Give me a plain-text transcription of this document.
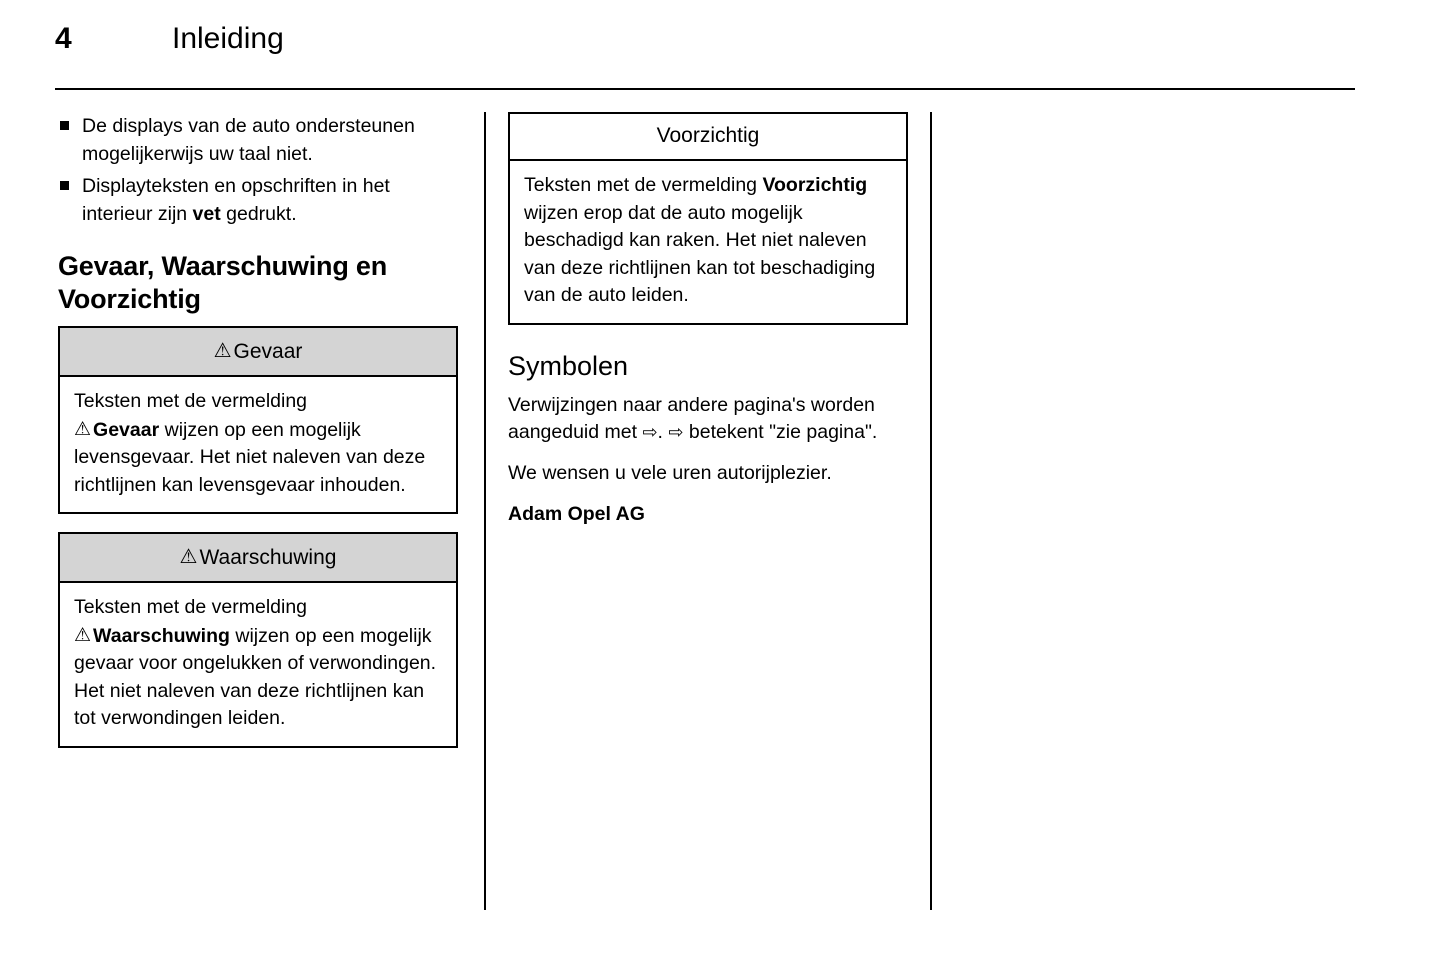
4	Inleiding
De displays van de auto ondersteunen mogelijkerwijs uw taal niet.
Displayteksten en opschriften in het interieur zijn vet gedrukt.
Gevaar, Waarschuwing en Voorzichtig
⚠Gevaar
Teksten met de vermelding
⚠ Gevaar wijzen op een mogelijk levensgevaar. Het niet naleven van deze richtlijnen kan levensgevaar inhouden.
⚠Waarschuwing
Teksten met de vermelding
⚠ Waarschuwing wijzen op een mogelijk gevaar voor ongelukken of verwondingen. Het niet naleven van deze richtlijnen kan tot verwondingen leiden.
Voorzichtig
Teksten met de vermelding Voorzichtig wijzen erop dat de auto mogelijk beschadigd kan raken. Het niet naleven van deze richtlijnen kan tot beschadiging van de auto leiden.
Symbolen

Verwijzingen naar andere pagina's worden aangeduid met ⇨. ⇨ betekent "zie pagina".

We wensen u vele uren autorijplezier.

Adam Opel AG
